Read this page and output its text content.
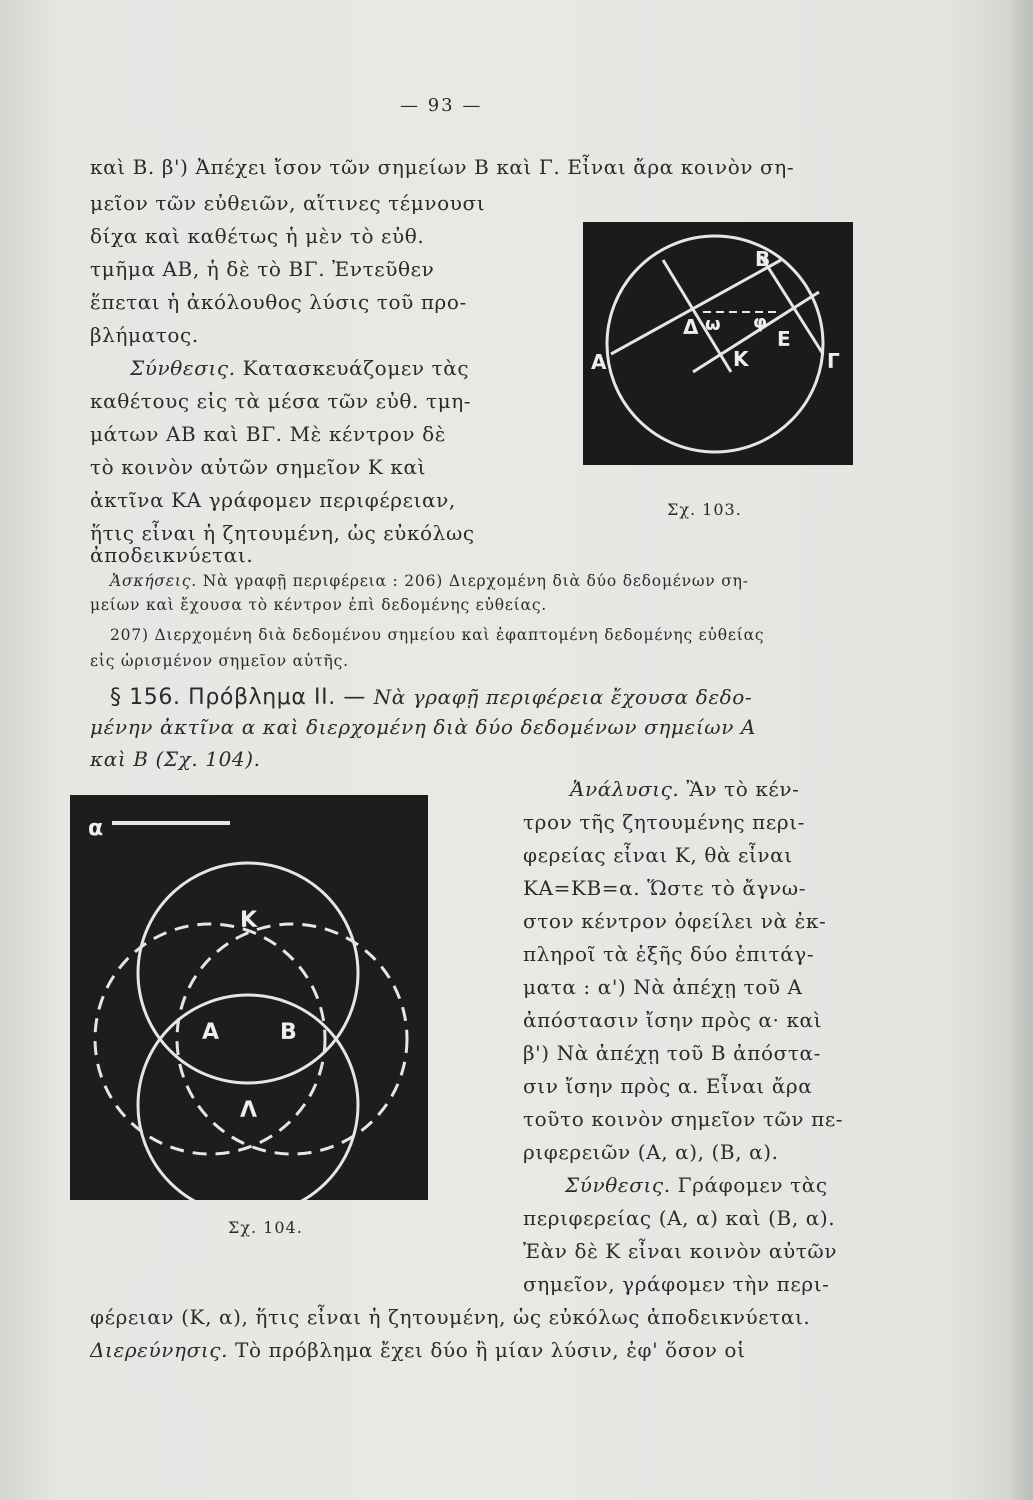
— 93 —
καὶ Β. β') Ἀπέχει ἴσον τῶν σημείων Β καὶ Γ. Εἶναι ἄρα κοινὸν ση-
μεῖον τῶν εὐθειῶν, αἵτινες τέμνουσι
δίχα καὶ καθέτως ἡ μὲν τὸ εὐθ.
τμῆμα ΑΒ, ἡ δὲ τὸ ΒΓ. Ἐντεῦθεν
ἕπεται ἡ ἀκόλουθος λύσις τοῦ προ-
βλήματος.
Σύνθεσις. Κατασκευάζομεν τὰς
καθέτους εἰς τὰ μέσα τῶν εὐθ. τμη-
μάτων ΑΒ καὶ ΒΓ. Μὲ κέντρον δὲ
τὸ κοινὸν αὐτῶν σημεῖον Κ καὶ
ἀκτῖνα ΚΑ γράφομεν περιφέρειαν,
ἥτις εἶναι ἡ ζητουμένη, ὡς εὐκόλως
ἀποδεικνύεται.
Α
Β
Γ
Δ	Ε
Κ
ω φ
Σχ. 103.
Ἀσκήσεις. Νὰ γραφῇ περιφέρεια : 206) Διερχομένη διὰ δύο δεδομένων ση-
μείων καὶ ἔχουσα τὸ κέντρον ἐπὶ δεδομένης εὐθείας.
207) Διερχομένη διὰ δεδομένου σημείου καὶ ἐφαπτομένη δεδομένης εὐθείας
εἰς ὡρισμένον σημεῖον αὐτῆς.
§ 156. Πρόβλημα ΙΙ. — Νὰ γραφῇ περιφέρεια ἔχουσα δεδο-
μένην ἀκτῖνα α καὶ διερχομένη διὰ δύο δεδομένων σημείων Α
καὶ Β (Σχ. 104).
α
Κ
Α	Β
Λ
Σχ. 104.
Ἀνάλυσις. Ἂν τὸ κέν-
τρον τῆς ζητουμένης περι-
φερείας εἶναι Κ, θὰ εἶναι
ΚΑ=ΚΒ=α. Ὥστε τὸ ἄγνω-
στον κέντρον ὀφείλει νὰ ἐκ-
πληροῖ τὰ ἑξῆς δύο ἐπιτάγ-
ματα : α') Νὰ ἀπέχῃ τοῦ Α
ἀπόστασιν ἴσην πρὸς α· καὶ
β') Νὰ ἀπέχῃ τοῦ Β ἀπόστα-
σιν ἴσην πρὸς α. Εἶναι ἄρα
τοῦτο κοινὸν σημεῖον τῶν πε-
ριφερειῶν (Α, α), (Β, α).
Σύνθεσις. Γράφομεν τὰς
περιφερείας (Α, α) καὶ (Β, α).
Ἐὰν δὲ Κ εἶναι κοινὸν αὐτῶν
σημεῖον, γράφομεν τὴν περι-
φέρειαν (Κ, α), ἥτις εἶναι ἡ ζητουμένη, ὡς εὐκόλως ἀποδεικνύεται.
Διερεύνησις. Τὸ πρόβλημα ἔχει δύο ἢ μίαν λύσιν, ἐφ' ὅσον οἱ
